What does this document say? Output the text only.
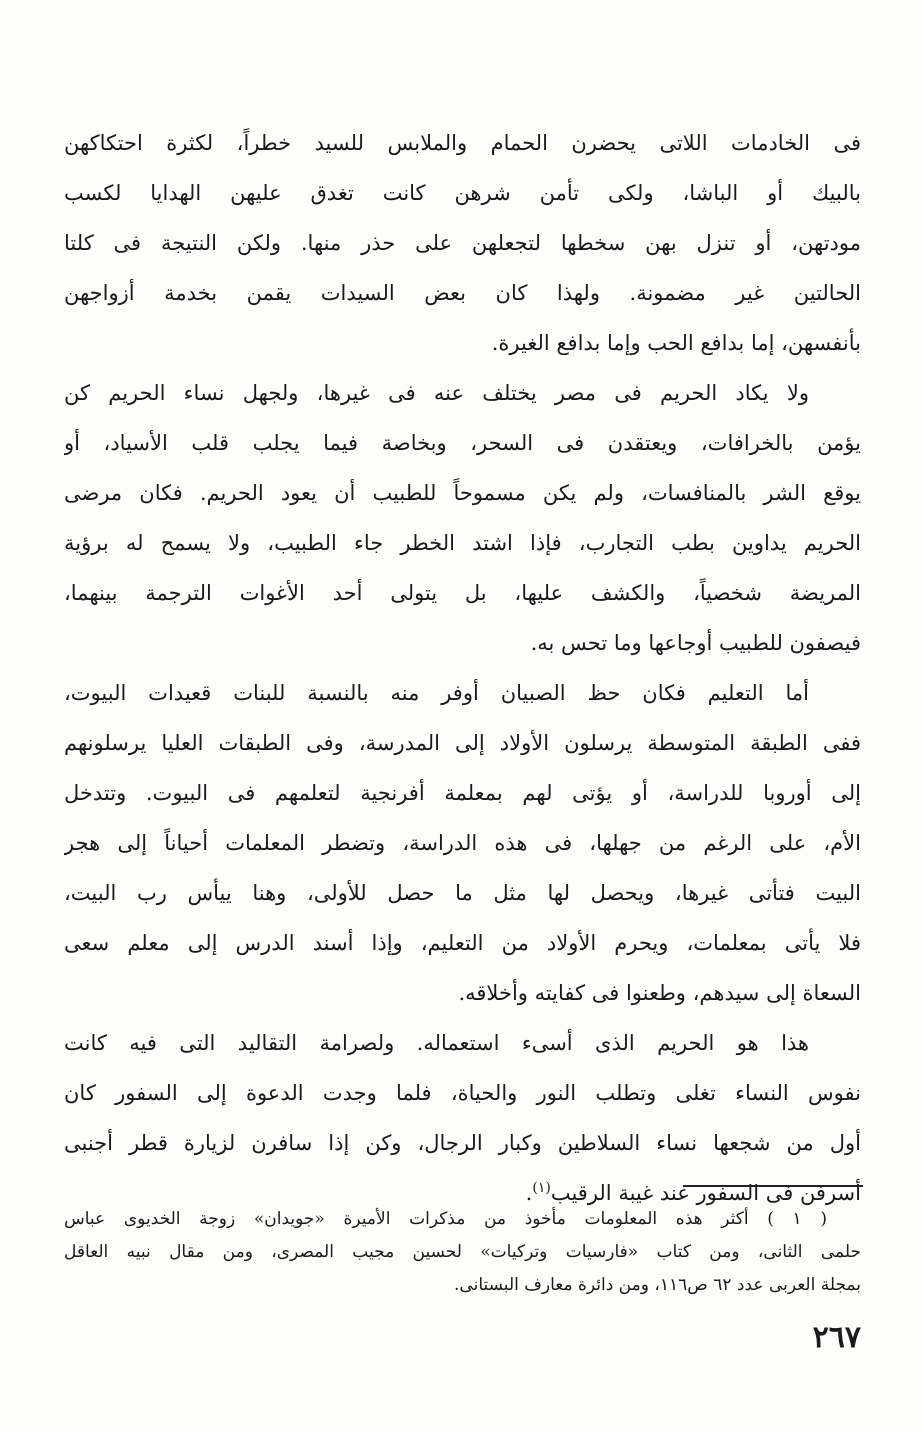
فى الخادمات اللاتى يحضرن الحمام والملابس للسيد خطراً، لكثرة احتكاكهن
بالبيك أو الباشا، ولكى تأمن شرهن كانت تغدق عليهن الهدايا لكسب
مودتهن، أو تنزل بهن سخطها لتجعلهن على حذر منها. ولكن النتيجة فى كلتا
الحالتين غير مضمونة. ولهذا كان بعض السيدات يقمن بخدمة أزواجهن
بأنفسهن، إما بدافع الحب وإما بدافع الغيرة.
ولا يكاد الحريم فى مصر يختلف عنه فى غيرها، ولجهل نساء الحريم كن
يؤمن بالخرافات، ويعتقدن فى السحر، وبخاصة فيما يجلب قلب الأسياد، أو
يوقع الشر بالمنافسات، ولم يكن مسموحاً للطبيب أن يعود الحريم. فكان مرضى
الحريم يداوين بطب التجارب، فإذا اشتد الخطر جاء الطبيب، ولا يسمح له برؤية
المريضة شخصياً، والكشف عليها، بل يتولى أحد الأغوات الترجمة بينهما،
فيصفون للطبيب أوجاعها وما تحس به.
أما التعليم فكان حظ الصبيان أوفر منه بالنسبة للبنات قعيدات البيوت،
ففى الطبقة المتوسطة يرسلون الأولاد إلى المدرسة، وفى الطبقات العليا يرسلونهم
إلى أوروبا للدراسة، أو يؤتى لهم بمعلمة أفرنجية لتعلمهم فى البيوت. وتتدخل
الأم، على الرغم من جهلها، فى هذه الدراسة، وتضطر المعلمات أحياناً إلى هجر
البيت فتأتى غيرها، ويحصل لها مثل ما حصل للأولى، وهنا ييأس رب البيت،
فلا يأتى بمعلمات، ويحرم الأولاد من التعليم، وإذا أسند الدرس إلى معلم سعى
السعاة إلى سيدهم، وطعنوا فى كفايته وأخلاقه.
هذا هو الحريم الذى أسىء استعماله. ولصرامة التقاليد التى فيه كانت
نفوس النساء تغلى وتطلب النور والحياة، فلما وجدت الدعوة إلى السفور كان
أول من شجعها نساء السلاطين وكبار الرجال، وكن إذا سافرن لزيارة قطر أجنبى
أسرفن فى السفور عند غيبة الرقيب$^{(١)}$.
( ١ ) أكثر هذه المعلومات مأخوذ من مذكرات الأميرة «جويدان» زوجة الخديوى عباس
حلمى الثانى، ومن كتاب «فارسيات وتركيات» لحسين مجيب المصرى، ومن مقال نبيه العاقل
بمجلة العربى عدد ٦٢ ص١١٦، ومن دائرة معارف البستانى.
٢٦٧
